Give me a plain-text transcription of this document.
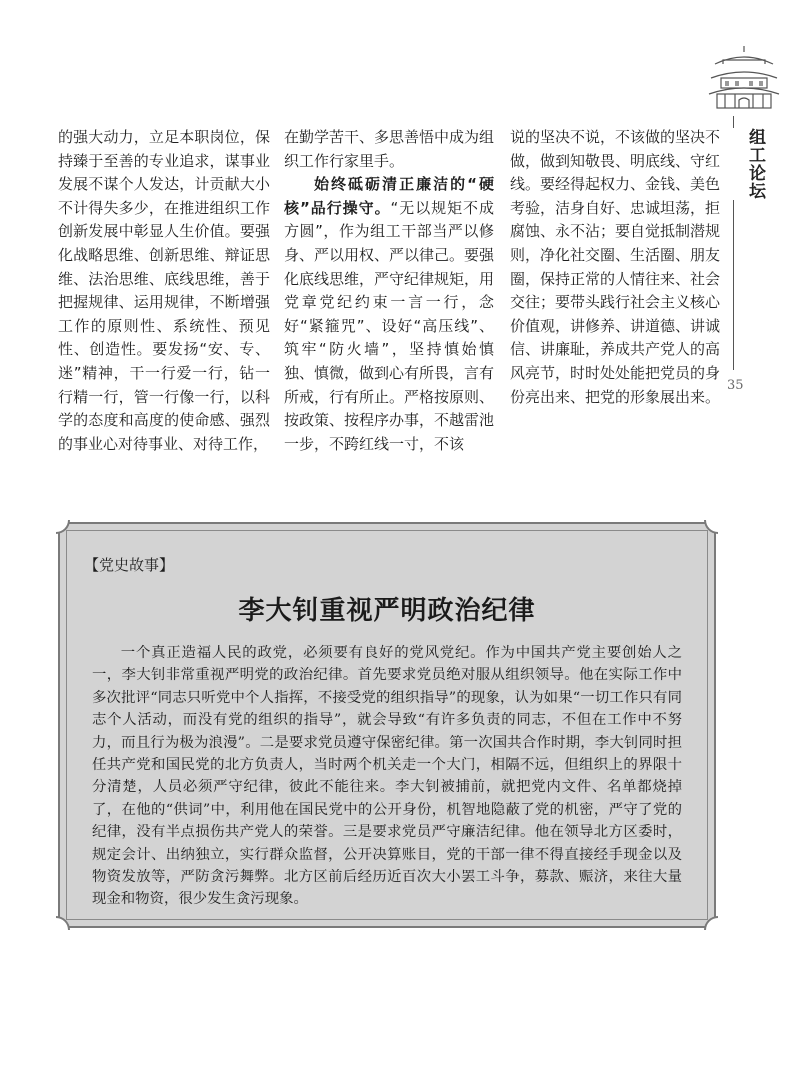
的强大动力，立足本职岗位，保持臻于至善的专业追求，谋事业发展不谋个人发达，计贡献大小不计得失多少，在推进组织工作创新发展中彰显人生价值。要强化战略思维、创新思维、辩证思维、法治思维、底线思维，善于把握规律、运用规律，不断增强工作的原则性、系统性、预见性、创造性。要发扬“安、专、迷”精神，干一行爱一行，钻一行精一行，管一行像一行，以科学的态度和高度的使命感、强烈的事业心对待事业、对待工作，

在勤学苦干、多思善悟中成为组织工作行家里手。

始终砥砺清正廉洁的“硬核”品行操守。“无以规矩不成方圆”，作为组工干部当严以修身、严以用权、严以律己。要强化底线思维，严守纪律规矩，用党章党纪约束一言一行，念好“紧箍咒”、设好“高压线”、筑牢“防火墙”，坚持慎始慎独、慎微，做到心有所畏，言有所戒，行有所止。严格按原则、按政策、按程序办事，不越雷池一步，不跨红线一寸，不该

说的坚决不说，不该做的坚决不做，做到知敬畏、明底线、守红线。要经得起权力、金钱、美色考验，洁身自好、忠诚坦荡，拒腐蚀、永不沾；要自觉抵制潜规则，净化社交圈、生活圈、朋友圈，保持正常的人情往来、社会交往；要带头践行社会主义核心价值观，讲修养、讲道德、讲诚信、讲廉耻，养成共产党人的高风亮节，时时处处能把党员的身份亮出来、把党的形象展出来。

组工论坛
35
【党史故事】
李大钊重视严明政治纪律

一个真正造福人民的政党，必须要有良好的党风党纪。作为中国共产党主要创始人之一，李大钊非常重视严明党的政治纪律。首先要求党员绝对服从组织领导。他在实际工作中多次批评“同志只听党中个人指挥，不接受党的组织指导”的现象，认为如果“一切工作只有同志个人活动，而没有党的组织的指导”，就会导致“有许多负责的同志，不但在工作中不努力，而且行为极为浪漫”。二是要求党员遵守保密纪律。第一次国共合作时期，李大钊同时担任共产党和国民党的北方负责人，当时两个机关走一个大门，相隔不远，但组织上的界限十分清楚，人员必须严守纪律，彼此不能往来。李大钊被捕前，就把党内文件、名单都烧掉了，在他的“供词”中，利用他在国民党中的公开身份，机智地隐蔽了党的机密，严守了党的纪律，没有半点损伤共产党人的荣誉。三是要求党员严守廉洁纪律。他在领导北方区委时，规定会计、出纳独立，实行群众监督，公开决算账目，党的干部一律不得直接经手现金以及物资发放等，严防贪污舞弊。北方区前后经历近百次大小罢工斗争，募款、赈济，来往大量现金和物资，很少发生贪污现象。
